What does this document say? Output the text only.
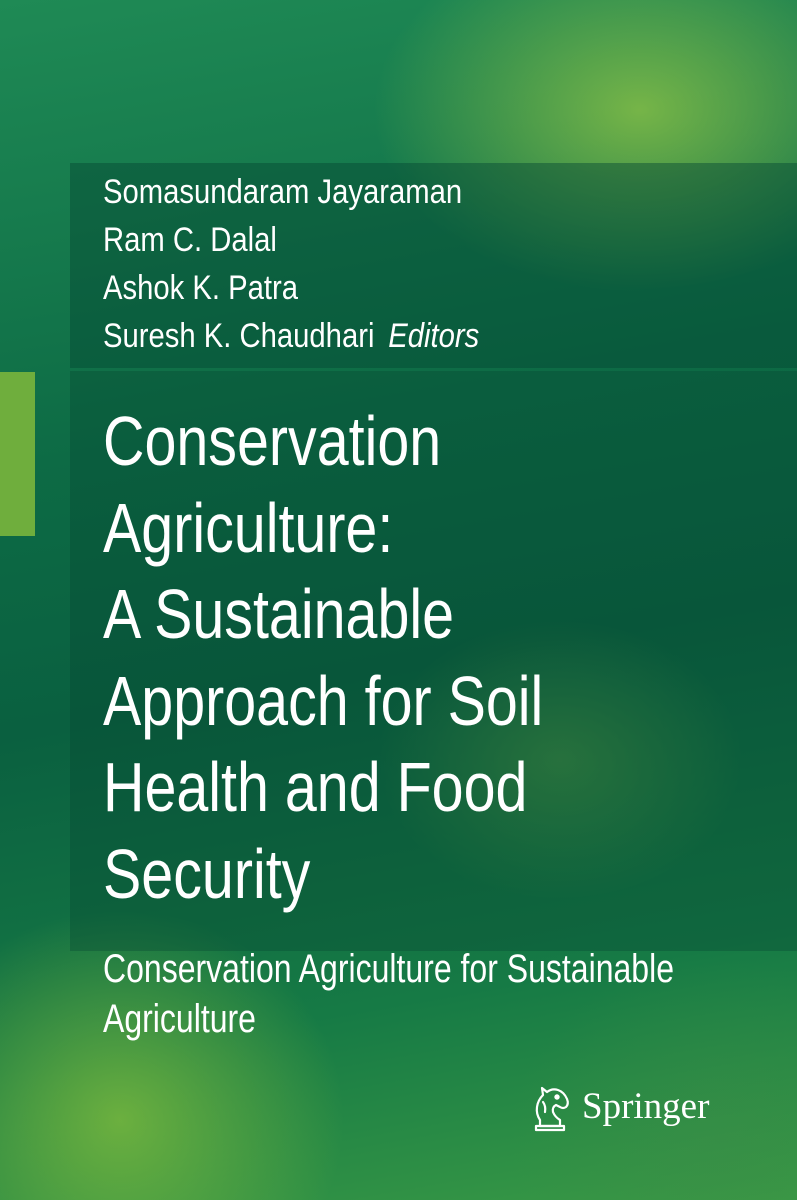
Somasundaram Jayaraman
Ram C. Dalal
Ashok K. Patra
Suresh K. Chaudhari Editors
Conservation
Agriculture:
A Sustainable
Approach for Soil
Health and Food
Security
Conservation Agriculture for Sustainable
Agriculture
Springer
